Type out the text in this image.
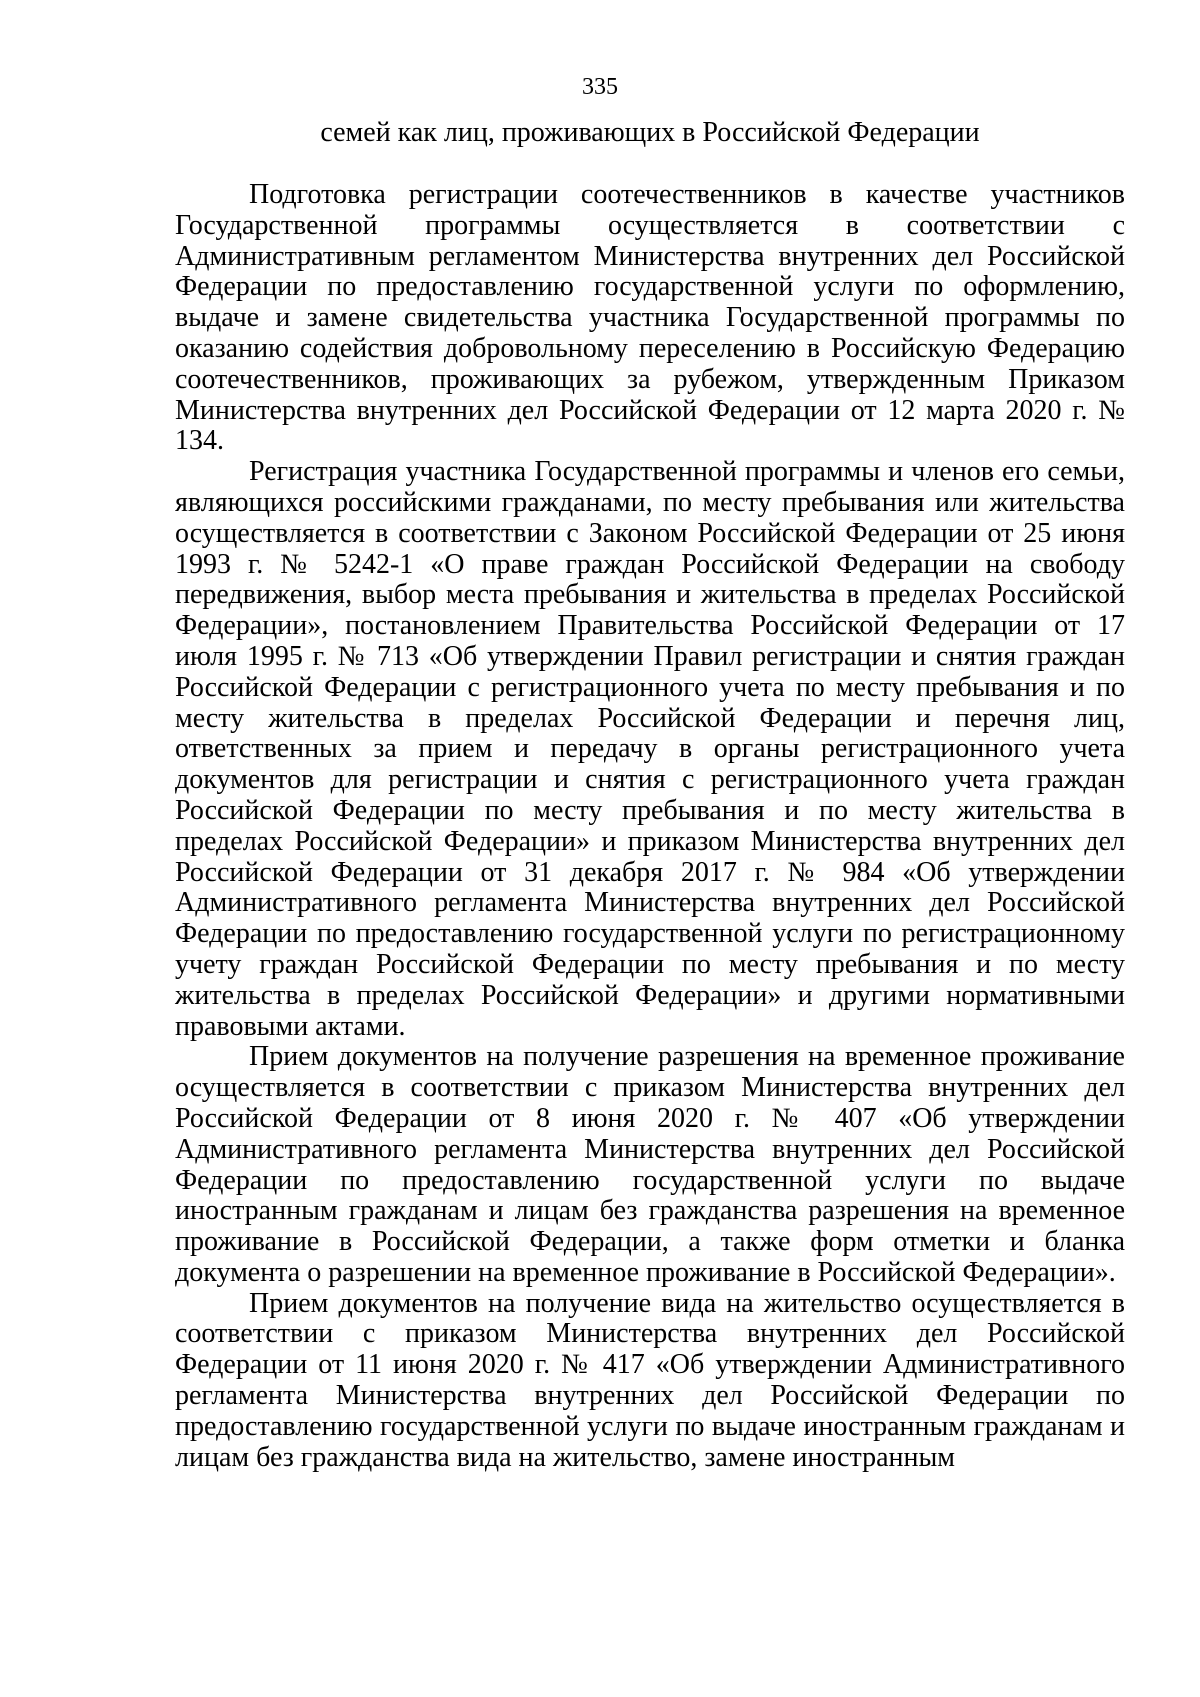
335
семей как лиц, проживающих в Российской Федерации

Подготовка регистрации соотечественников в качестве участников Государственной программы осуществляется в соответствии с Административным регламентом Министерства внутренних дел Российской Федерации по предоставлению государственной услуги по оформлению, выдаче и замене свидетельства участника Государственной программы по оказанию содействия добровольному переселению в Российскую Федерацию соотечественников, проживающих за рубежом, утвержденным Приказом Министерства внутренних дел Российской Федерации от 12 марта 2020 г. № 134.

Регистрация участника Государственной программы и членов его семьи, являющихся российскими гражданами, по месту пребывания или жительства осуществляется в соответствии с Законом Российской Федерации от 25 июня 1993 г. № 5242-1 «О праве граждан Российской Федерации на свободу передвижения, выбор места пребывания и жительства в пределах Российской Федерации», постановлением Правительства Российской Федерации от 17 июля 1995 г. № 713 «Об утверждении Правил регистрации и снятия граждан Российской Федерации с регистрационного учета по месту пребывания и по месту жительства в пределах Российской Федерации и перечня лиц, ответственных за прием и передачу в органы регистрационного учета документов для регистрации и снятия с регистрационного учета граждан Российской Федерации по месту пребывания и по месту жительства в пределах Российской Федерации» и приказом Министерства внутренних дел Российской Федерации от 31 декабря 2017 г. № 984 «Об утверждении Административного регламента Министерства внутренних дел Российской Федерации по предоставлению государственной услуги по регистрационному учету граждан Российской Федерации по месту пребывания и по месту жительства в пределах Российской Федерации» и другими нормативными правовыми актами.

Прием документов на получение разрешения на временное проживание осуществляется в соответствии с приказом Министерства внутренних дел Российской Федерации от 8 июня 2020 г. № 407 «Об утверждении Административного регламента Министерства внутренних дел Российской Федерации по предоставлению государственной услуги по выдаче иностранным гражданам и лицам без гражданства разрешения на временное проживание в Российской Федерации, а также форм отметки и бланка документа о разрешении на временное проживание в Российской Федерации».

Прием документов на получение вида на жительство осуществляется в соответствии с приказом Министерства внутренних дел Российской Федерации от 11 июня 2020 г. № 417 «Об утверждении Административного регламента Министерства внутренних дел Российской Федерации по предоставлению государственной услуги по выдаче иностранным гражданам и лицам без гражданства вида на жительство, замене иностранным
